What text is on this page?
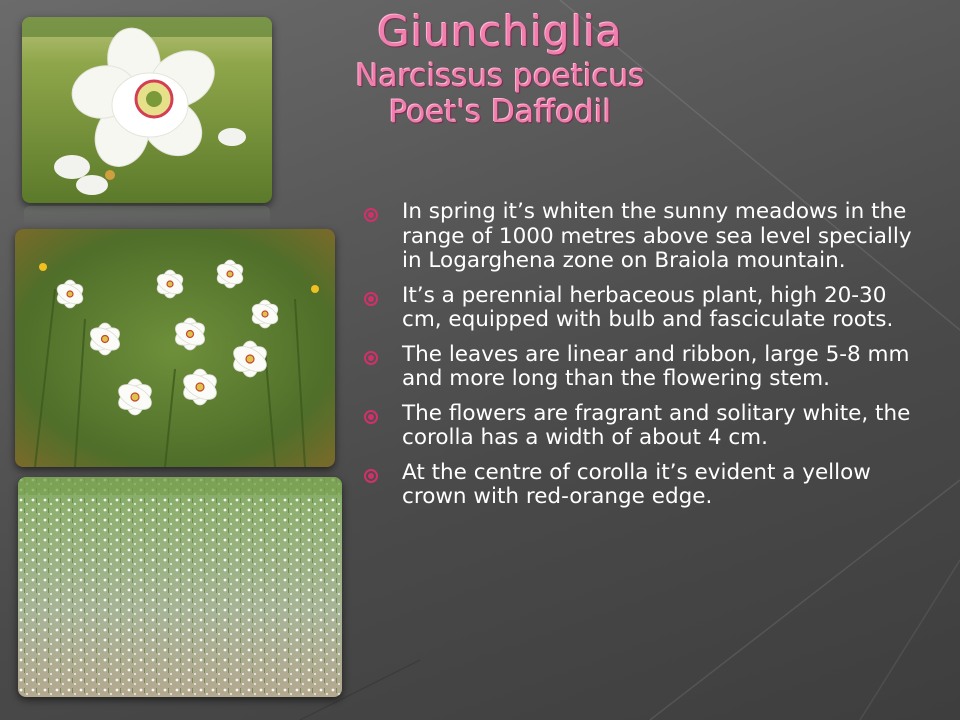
Giunchiglia
Narcissus poeticus
Poet's Daffodil
In spring it’s whiten the sunny meadows in the range of 1000 metres above sea level specially in Logarghena zone on Braiola mountain.
It’s a perennial herbaceous plant, high 20-30 cm, equipped with bulb and fasciculate roots.
The leaves are linear and ribbon, large 5-8 mm and more long than the flowering stem.
The flowers are fragrant and solitary white, the corolla has a width of about 4 cm.
At the centre of corolla it’s evident a yellow crown with red-orange edge.
